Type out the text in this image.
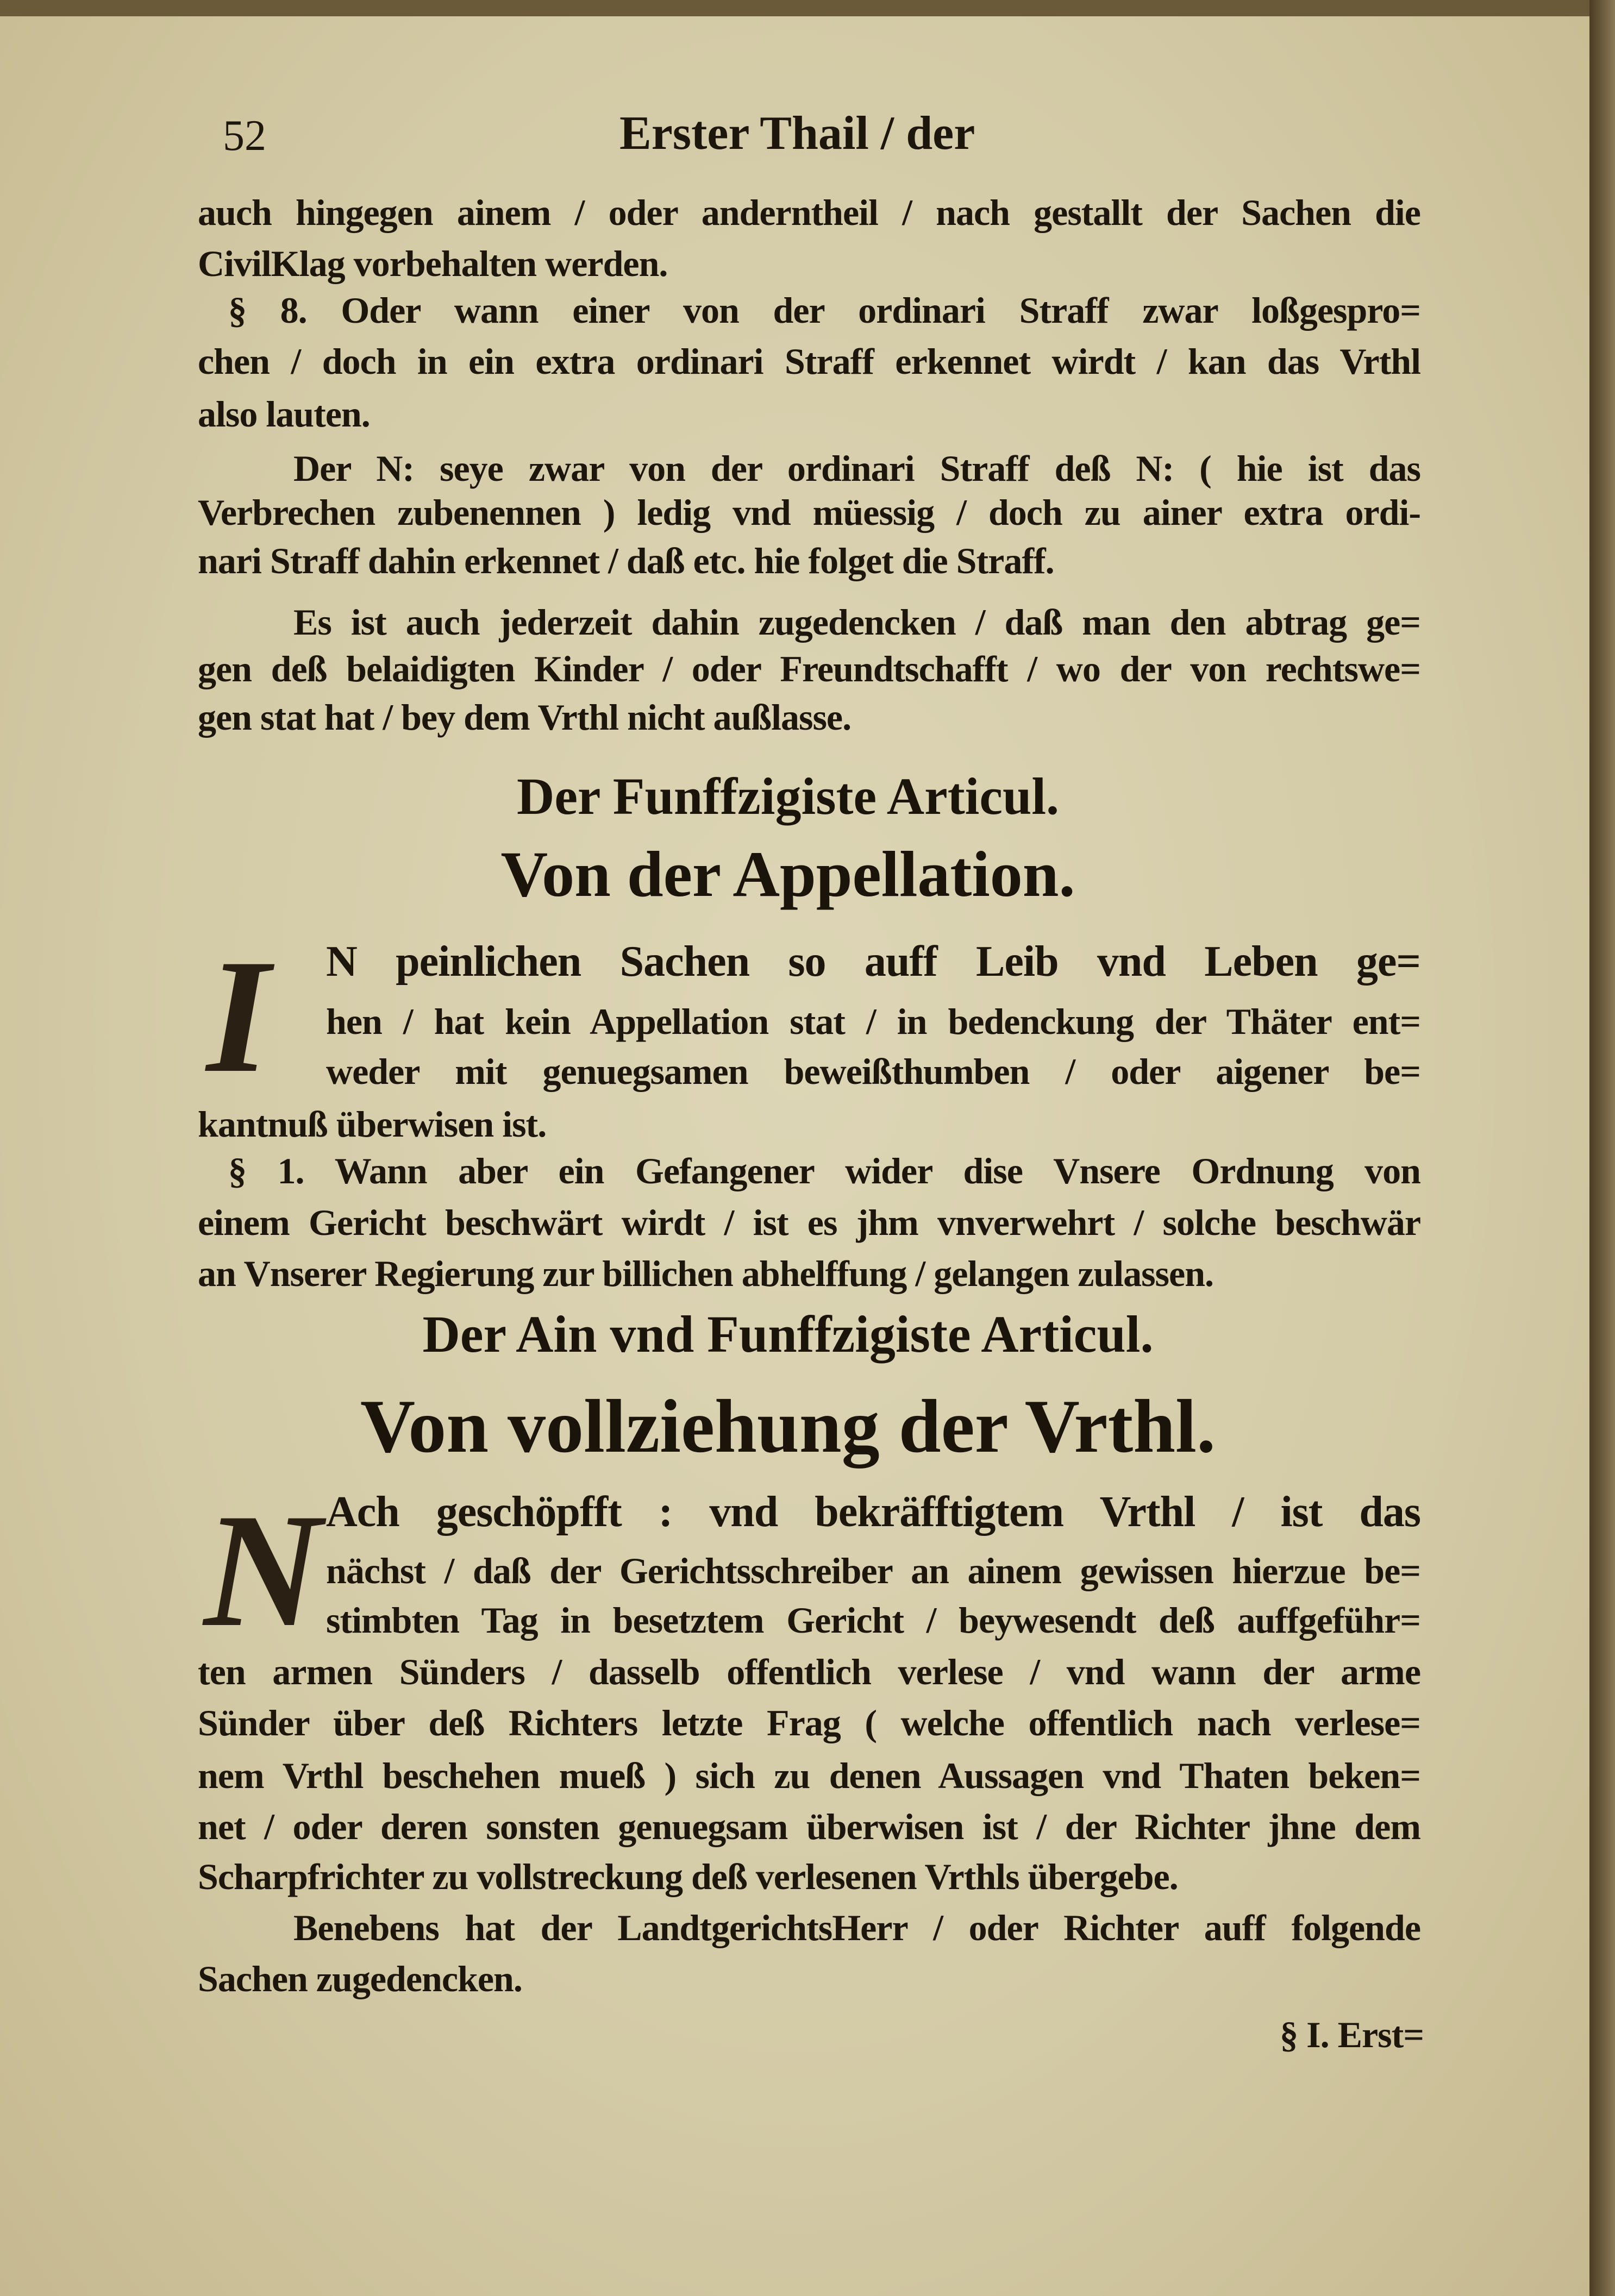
52	Erster Thail / der
auch hingegen ainem / oder anderntheil / nach gestallt der Sachen die
CivilKlag vorbehalten werden.
§ 8. Oder wann einer von der ordinari Straff zwar loßgespro=
chen / doch in ein extra ordinari Straff erkennet wirdt / kan das Vrthl
also lauten.
Der N: seye zwar von der ordinari Straff deß N: ( hie ist das
Verbrechen zubenennen ) ledig vnd müessig / doch zu ainer extra ordi-
nari Straff dahin erkennet / daß etc. hie folget die Straff.
Es ist auch jederzeit dahin zugedencken / daß man den abtrag ge=
gen deß belaidigten Kinder / oder Freundtschafft / wo der von rechtswe=
gen stat hat / bey dem Vrthl nicht außlasse.
Der Funffzigiste Articul.
Von der Appellation.
I N peinlichen Sachen so auff Leib vnd Leben ge=
hen / hat kein Appellation stat / in bedenckung der Thäter ent=
weder mit genuegsamen beweißthumben / oder aigener be=
kantnuß überwisen ist.
§ 1. Wann aber ein Gefangener wider dise Vnsere Ordnung von
einem Gericht beschwärt wirdt / ist es jhm vnverwehrt / solche beschwär
an Vnserer Regierung zur billichen abhelffung / gelangen zulassen.
Der Ain vnd Funffzigiste Articul.
Von vollziehung der Vrthl.
N Ach geschöpfft : vnd bekräfftigtem Vrthl / ist das
nächst / daß der Gerichtsschreiber an ainem gewissen hierzue be=
stimbten Tag in besetztem Gericht / beywesendt deß auffgeführ=
ten armen Sünders / dasselb offentlich verlese / vnd wann der arme
Sünder über deß Richters letzte Frag ( welche offentlich nach verlese=
nem Vrthl beschehen mueß ) sich zu denen Aussagen vnd Thaten beken=
net / oder deren sonsten genuegsam überwisen ist / der Richter jhne dem
Scharpfrichter zu vollstreckung deß verlesenen Vrthls übergebe.
Benebens hat der LandtgerichtsHerr / oder Richter auff folgende
Sachen zugedencken.
§ I. Erst=
